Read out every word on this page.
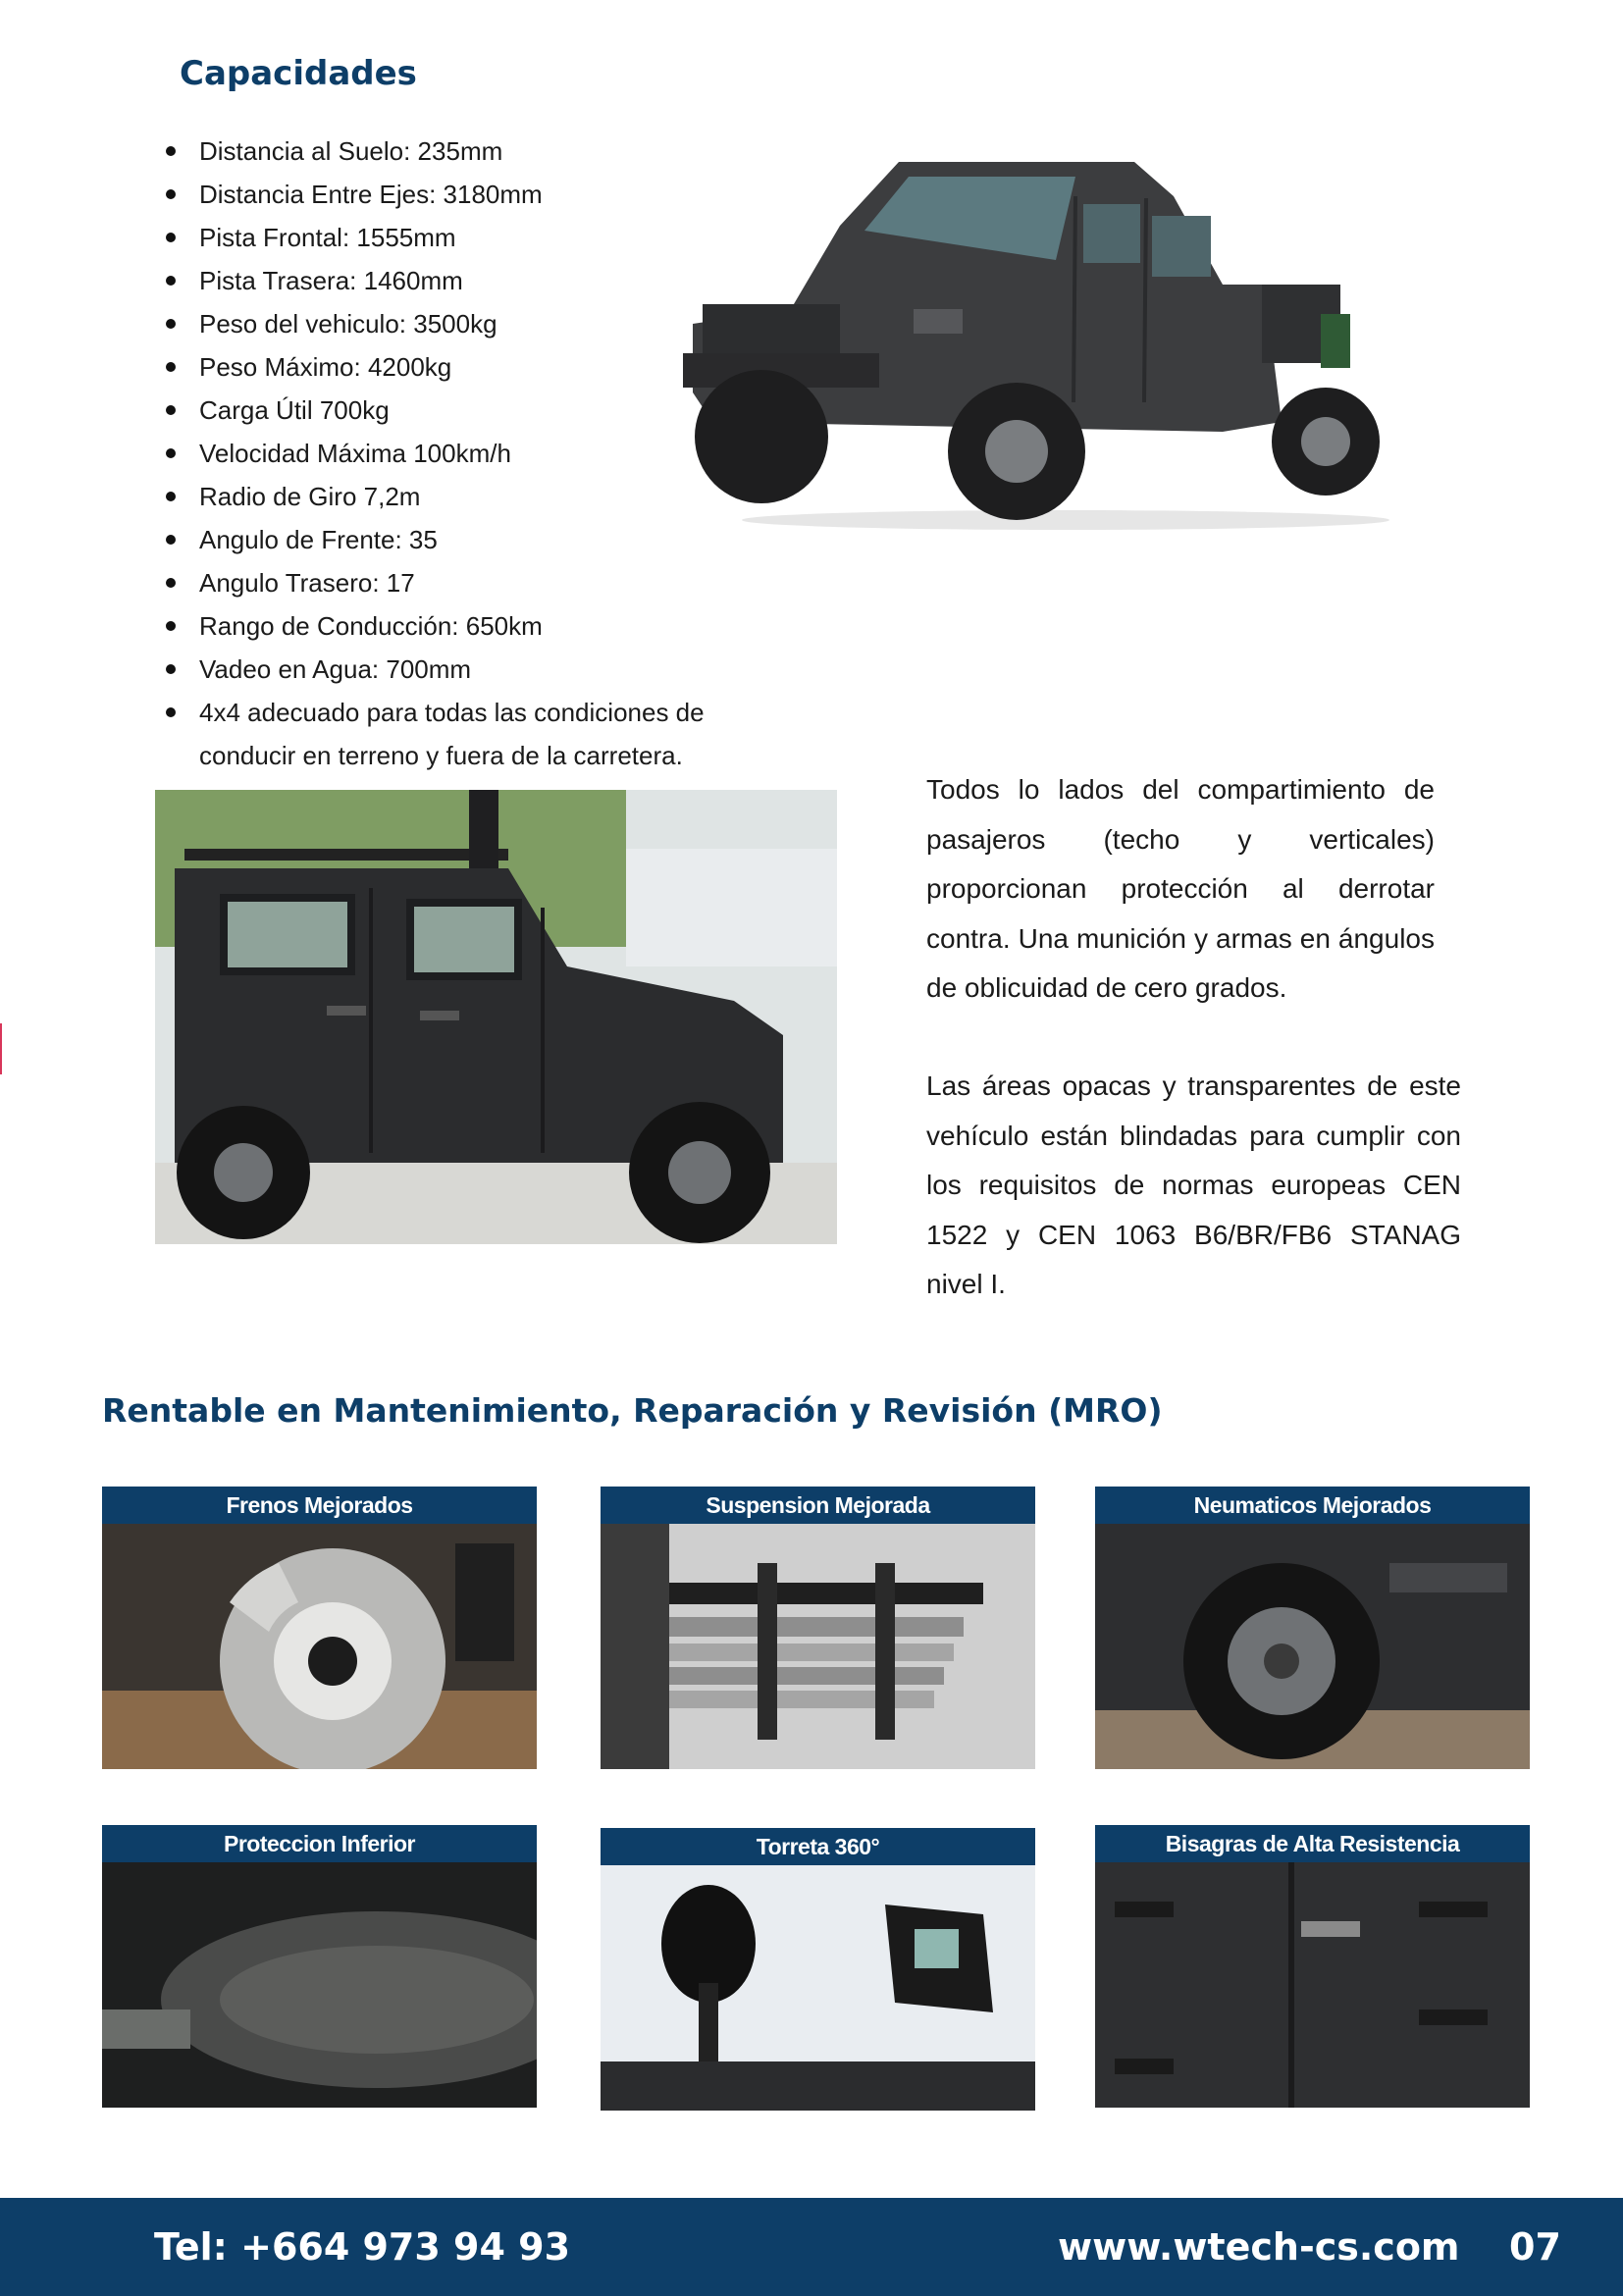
Capacidades
Distancia al Suelo: 235mm
Distancia Entre Ejes: 3180mm
Pista Frontal: 1555mm
Pista Trasera: 1460mm
Peso del vehiculo: 3500kg
Peso Máximo: 4200kg
Carga Útil 700kg
Velocidad Máxima 100km/h
Radio de Giro 7,2m
Angulo de Frente: 35
Angulo Trasero: 17
Rango de Conducción: 650km
Vadeo en Agua: 700mm
4x4 adecuado para todas las condiciones de conducir en terreno y fuera de la carretera.

Todos lo lados del compartimiento de pasajeros (techo y verticales) proporcionan protección al derrotar contra. Una munición y armas en ángulos de oblicuidad de cero grados.

Las áreas opacas y transparentes de este vehículo están blindadas para cumplir con los requisitos de normas europeas CEN 1522 y CEN 1063 B6/BR/FB6 STANAG nivel I.

Rentable en Mantenimiento, Reparación y Revisión (MRO)
Frenos Mejorados	Suspension Mejorada	Neumaticos Mejorados
Proteccion Inferior	Torreta 360°	Bisagras de Alta Resistencia
Tel: +664 973 94 93	www.wtech-cs.com 07
